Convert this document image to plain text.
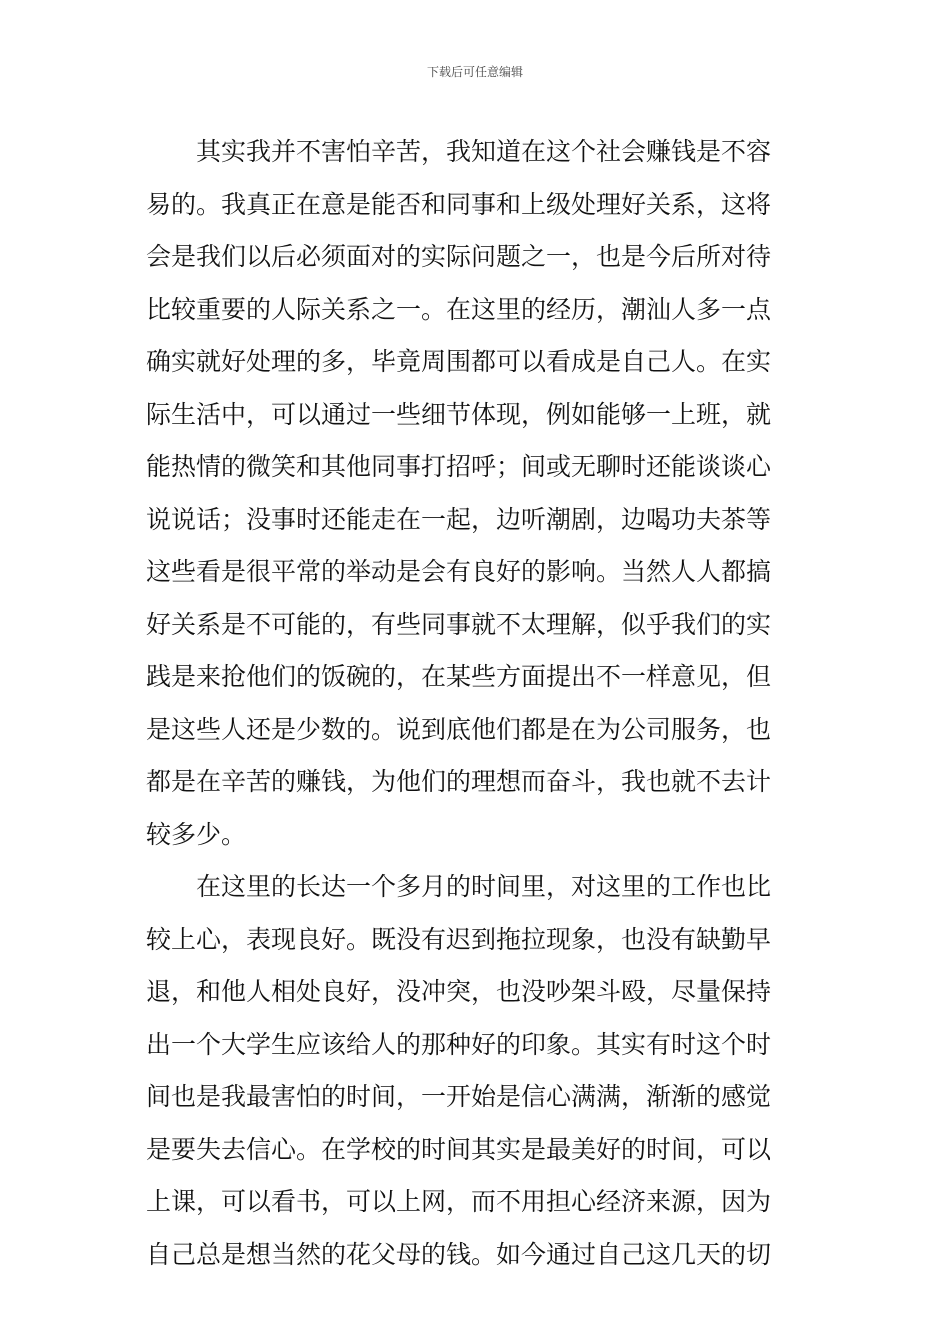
下载后可任意编辑

其实我并不害怕辛苦，我知道在这个社会赚钱是不容
易的。我真正在意是能否和同事和上级处理好关系，这将
会是我们以后必须面对的实际问题之一，也是今后所对待
比较重要的人际关系之一。在这里的经历，潮汕人多一点
确实就好处理的多，毕竟周围都可以看成是自己人。在实
际生活中，可以通过一些细节体现，例如能够一上班，就
能热情的微笑和其他同事打招呼；间或无聊时还能谈谈心
说说话；没事时还能走在一起，边听潮剧，边喝功夫茶等
这些看是很平常的举动是会有良好的影响。当然人人都搞
好关系是不可能的，有些同事就不太理解，似乎我们的实
践是来抢他们的饭碗的，在某些方面提出不一样意见，但
是这些人还是少数的。说到底他们都是在为公司服务，也
都是在辛苦的赚钱，为他们的理想而奋斗，我也就不去计
较多少。
在这里的长达一个多月的时间里，对这里的工作也比
较上心，表现良好。既没有迟到拖拉现象，也没有缺勤早
退，和他人相处良好，没冲突，也没吵架斗殴，尽量保持
出一个大学生应该给人的那种好的印象。其实有时这个时
间也是我最害怕的时间，一开始是信心满满，渐渐的感觉
是要失去信心。在学校的时间其实是最美好的时间，可以
上课，可以看书，可以上网，而不用担心经济来源，因为
自己总是想当然的花父母的钱。如今通过自己这几天的切
